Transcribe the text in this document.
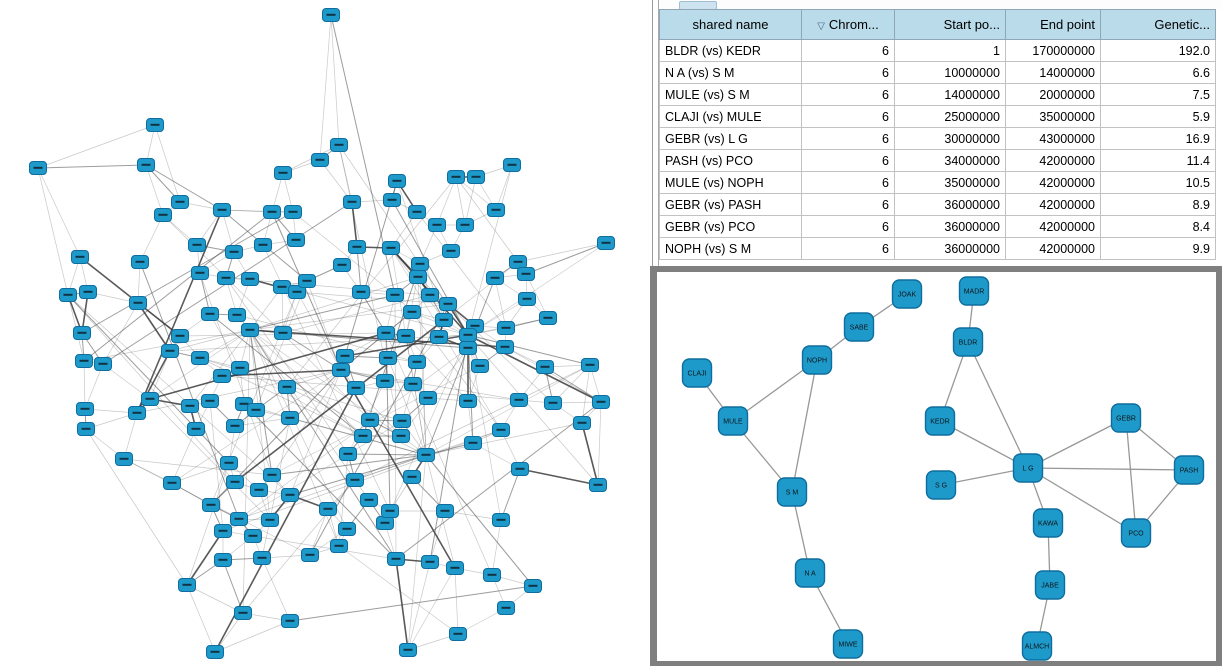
shared name	▽ Chrom...	Start po...	End point	Genetic...
BLDR (vs) KEDR	6	1	170000000	192.0
N A (vs) S M	6	10000000	14000000	6.6
MULE (vs) S M	6	14000000	20000000	7.5
CLAJI (vs) MULE	6	25000000	35000000	5.9
GEBR (vs) L G	6	30000000	43000000	16.9
PASH (vs) PCO	6	34000000	42000000	11.4
MULE (vs) NOPH	6	35000000	42000000	10.5
GEBR (vs) PASH	6	36000000	42000000	8.9
GEBR (vs) PCO	6	36000000	42000000	8.4
NOPH (vs) S M	6	36000000	42000000	9.9
JOAK	MADR
SABE
NOPH
BLDR
CLAJI
MULE	KEDR	GEBR
L G	PASH
S G
S M
KAWA
PCO
N A
JABE
MIWE	ALMCH
